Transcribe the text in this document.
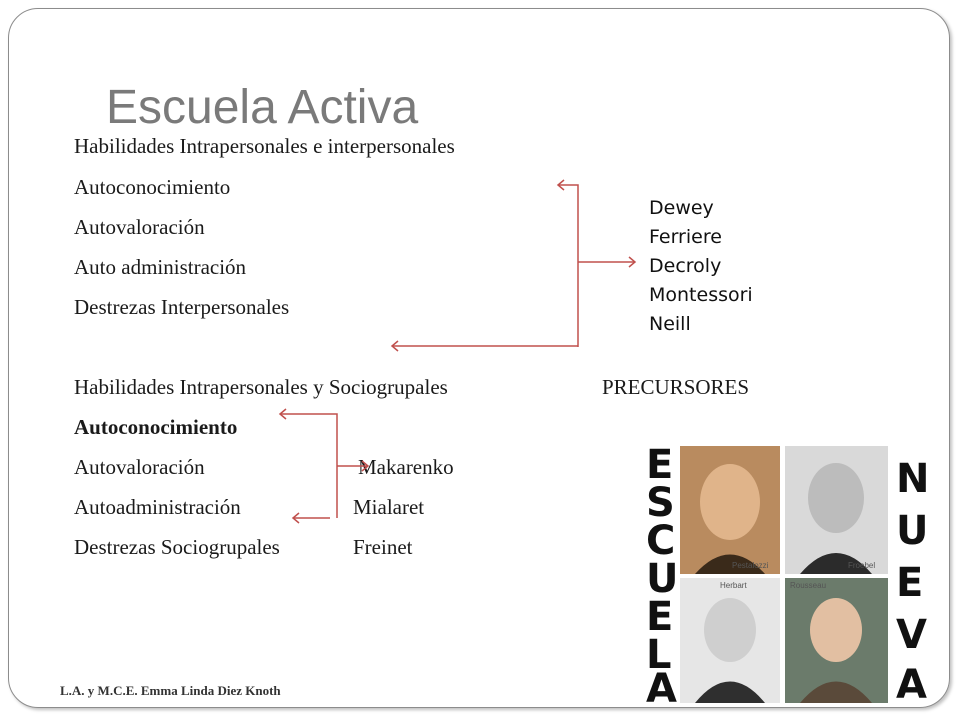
Escuela Activa
Habilidades Intrapersonales e interpersonales
Autoconocimiento
Autovaloración
Auto administración
Destrezas Interpersonales
Dewey
Ferriere
Decroly
Montessori
Neill
Habilidades Intrapersonales y Sociogrupales	PRECURSORES
Autoconocimiento
Autovaloración
Autoadministración
Destrezas Sociogrupales
Makarenko
Mialaret
Freinet
E
S
C
U
E
L
A
Pestalozzi	Froebel
Herbart	Rousseau
N
U
E
V
A
L.A. y M.C.E. Emma Linda Diez Knoth
